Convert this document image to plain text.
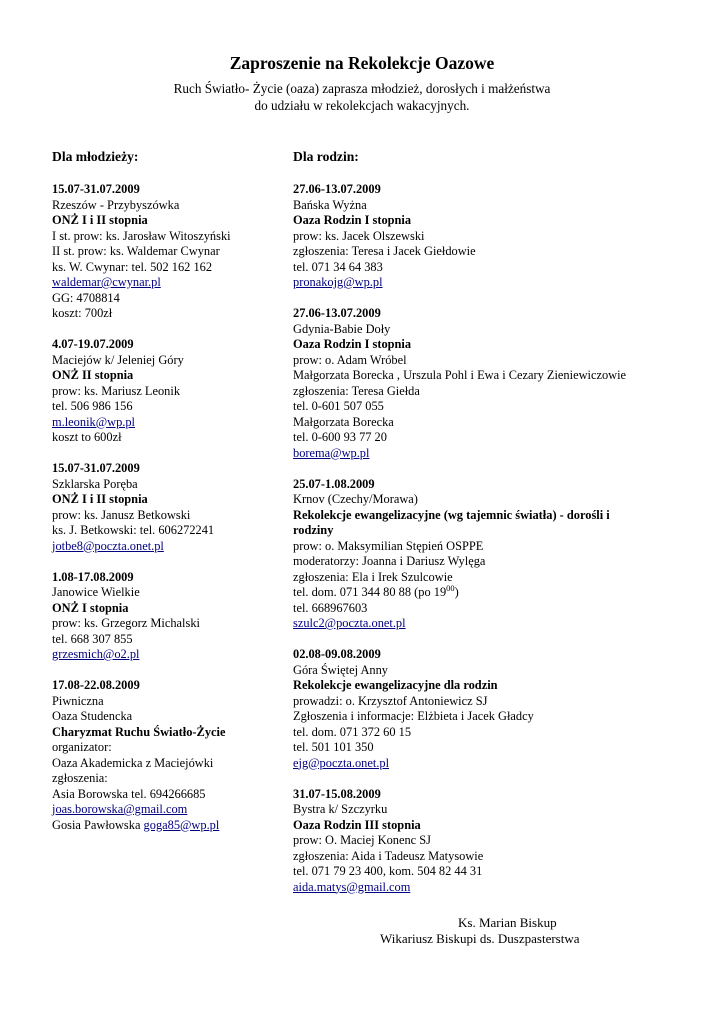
Zaproszenie na Rekolekcje Oazowe
Ruch Światło- Życie (oaza) zaprasza młodzież, dorosłych i małżeństwa
do udziału w rekolekcjach wakacyjnych.
Dla młodzieży:
15.07-31.07.2009
Rzeszów - Przybyszówka
ONŻ I i II stopnia
I st. prow: ks. Jarosław Witoszyński
II st. prow: ks. Waldemar Cwynar
ks. W. Cwynar: tel. 502 162 162
waldemar@cwynar.pl
GG: 4708814
koszt: 700zł
4.07-19.07.2009
Maciejów k/ Jeleniej Góry
ONŻ II stopnia
prow: ks. Mariusz Leonik
tel. 506 986 156
m.leonik@wp.pl
koszt to 600zł
15.07-31.07.2009
Szklarska Poręba
ONŻ I i II stopnia
prow: ks. Janusz Betkowski
ks. J. Betkowski: tel. 606272241
jotbe8@poczta.onet.pl
1.08-17.08.2009
Janowice Wielkie
ONŻ I stopnia
prow: ks. Grzegorz Michalski
tel. 668 307 855
grzesmich@o2.pl
17.08-22.08.2009
Piwniczna
Oaza Studencka
Charyzmat Ruchu Światło-Życie
organizator:
Oaza Akademicka z Maciejówki
zgłoszenia:
Asia Borowska tel. 694266685
joas.borowska@gmail.com
Gosia Pawłowska goga85@wp.pl
Dla rodzin:
27.06-13.07.2009
Bańska Wyżna
Oaza Rodzin I stopnia
prow: ks. Jacek Olszewski
zgłoszenia: Teresa i Jacek Giełdowie
tel. 071 34 64 383
pronakojg@wp.pl
27.06-13.07.2009
Gdynia-Babie Doły
Oaza Rodzin I stopnia
prow: o. Adam Wróbel
Małgorzata Borecka , Urszula Pohl i Ewa i Cezary Zieniewiczowie
zgłoszenia: Teresa Giełda
tel. 0-601 507 055
Małgorzata Borecka
tel. 0-600 93 77 20
borema@wp.pl
25.07-1.08.2009
Krnov (Czechy/Morawa)
Rekolekcje ewangelizacyjne (wg tajemnic światła) - dorośli i
rodziny
prow: o. Maksymilian Stępień OSPPE
moderatorzy: Joanna i Dariusz Wylęga
zgłoszenia: Ela i Irek Szulcowie
tel. dom. 071 344 80 88 (po $19^{00}$)
tel. 668967603
szulc2@poczta.onet.pl
02.08-09.08.2009
Góra Świętej Anny
Rekolekcje ewangelizacyjne dla rodzin
prowadzi: o. Krzysztof Antoniewicz SJ
Zgłoszenia i informacje: Elżbieta i Jacek Gładcy
tel. dom. 071 372 60 15
tel. 501 101 350
ejg@poczta.onet.pl
31.07-15.08.2009
Bystra k/ Szczyrku
Oaza Rodzin III stopnia
prow: O. Maciej Konenc SJ
zgłoszenia: Aida i Tadeusz Matysowie
tel. 071 79 23 400, kom. 504 82 44 31
aida.matys@gmail.com
Ks. Marian Biskup
Wikariusz Biskupi ds. Duszpasterstwa
